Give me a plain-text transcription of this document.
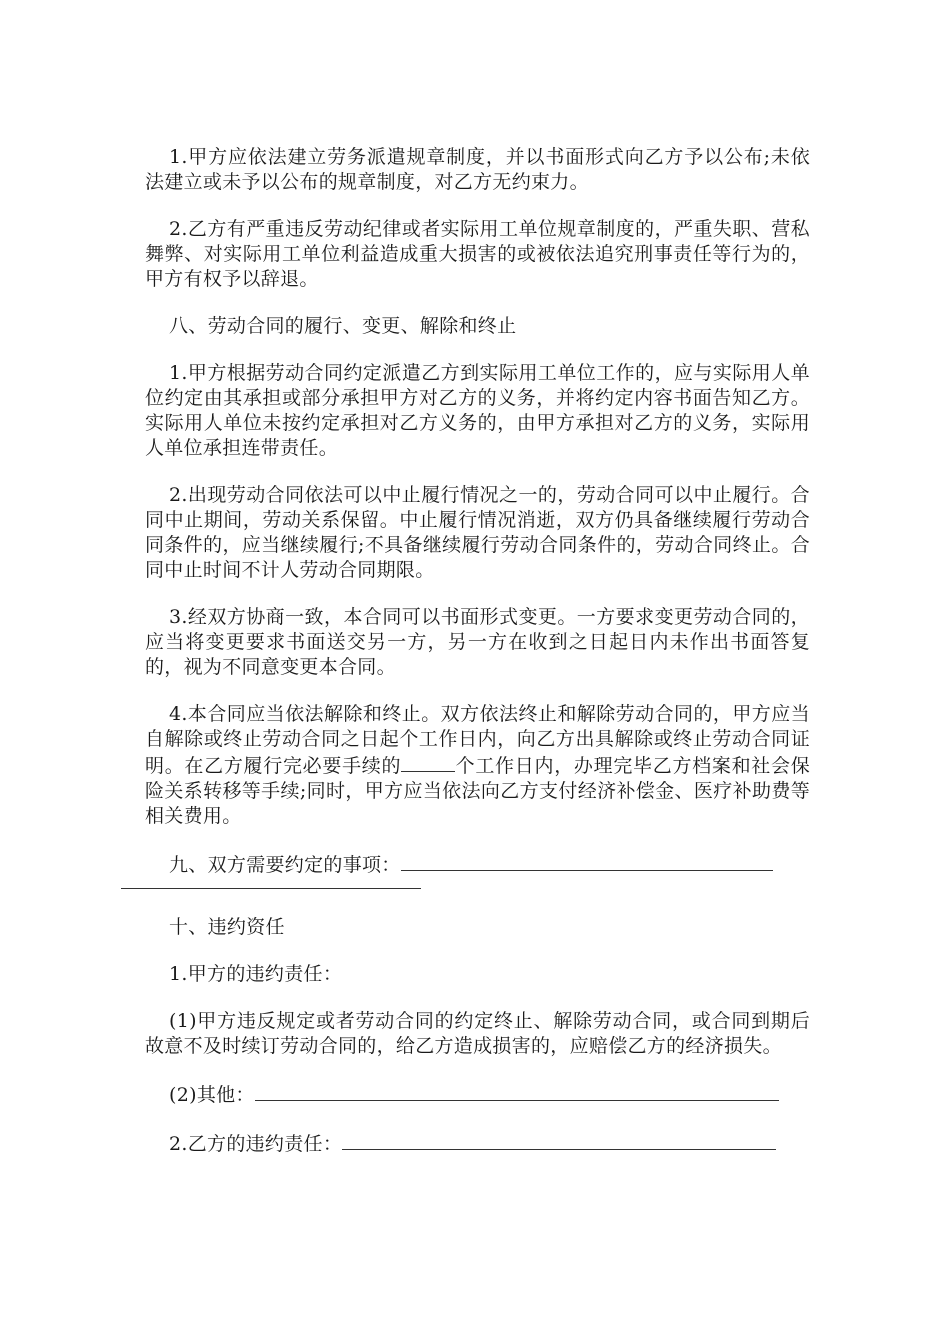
1.甲方应依法建立劳务派遣规章制度，并以书面形式向乙方予以公布;未依法建立或未予以公布的规章制度，对乙方无约束力。

2.乙方有严重违反劳动纪律或者实际用工单位规章制度的，严重失职、营私舞弊、对实际用工单位利益造成重大损害的或被依法追究刑事责任等行为的，甲方有权予以辞退。

八、劳动合同的履行、变更、解除和终止

1.甲方根据劳动合同约定派遣乙方到实际用工单位工作的，应与实际用人单位约定由其承担或部分承担甲方对乙方的义务，并将约定内容书面告知乙方。实际用人单位未按约定承担对乙方义务的，由甲方承担对乙方的义务，实际用人单位承担连带责任。

2.出现劳动合同依法可以中止履行情况之一的，劳动合同可以中止履行。合同中止期间，劳动关系保留。中止履行情况消逝，双方仍具备继续履行劳动合同条件的，应当继续履行;不具备继续履行劳动合同条件的，劳动合同终止。合同中止时间不计人劳动合同期限。

3.经双方协商一致，本合同可以书面形式变更。一方要求变更劳动合同的，应当将变更要求书面送交另一方，另一方在收到之日起日内未作出书面答复的，视为不同意变更本合同。

4.本合同应当依法解除和终止。双方依法终止和解除劳动合同的，甲方应当自解除或终止劳动合同之日起个工作日内，向乙方出具解除或终止劳动合同证明。在乙方履行完必要手续的	个工作日内，办理完毕乙方档案和社会保险关系转移等手续;同时，甲方应当依法向乙方支付经济补偿金、医疗补助费等相关费用。

九、双方需要约定的事项：

十、违约资任

1.甲方的违约责任：

(1)甲方违反规定或者劳动合同的约定终止、解除劳动合同，或合同到期后故意不及时续订劳动合同的，给乙方造成损害的，应赔偿乙方的经济损失。

(2)其他：

2.乙方的违约责任：
